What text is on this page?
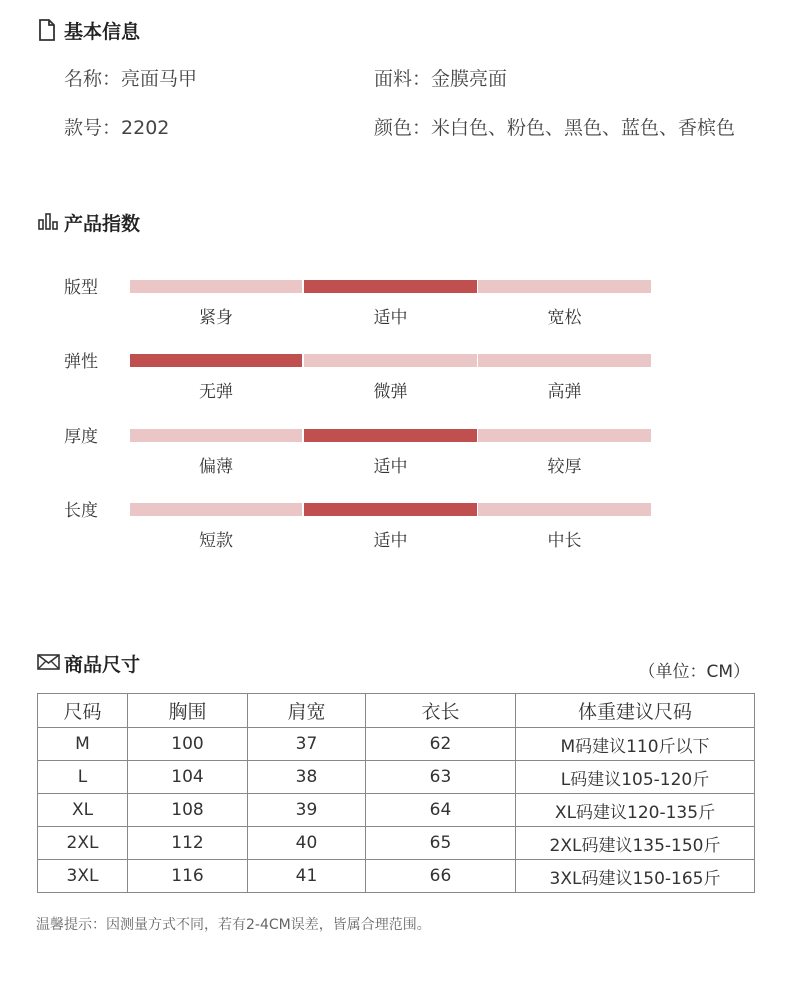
基本信息
名称：亮面马甲	面料：金膜亮面
款号：2202	颜色：米白色、粉色、黑色、蓝色、香槟色
产品指数
版型
紧身	适中	宽松
弹性
无弹	微弹	高弹
厚度
偏薄	适中	较厚
长度
短款	适中	中长
商品尺寸	（单位：CM）
尺码	胸围	肩宽	衣长	体重建议尺码
M	100	37	62	M码建议110斤以下
L	104	38	63	L码建议105-120斤
XL	108	39	64	XL码建议120-135斤
2XL	112	40	65	2XL码建议135-150斤
3XL	116	41	66	3XL码建议150-165斤
温馨提示：因测量方式不同，若有2-4CM误差，皆属合理范围。
